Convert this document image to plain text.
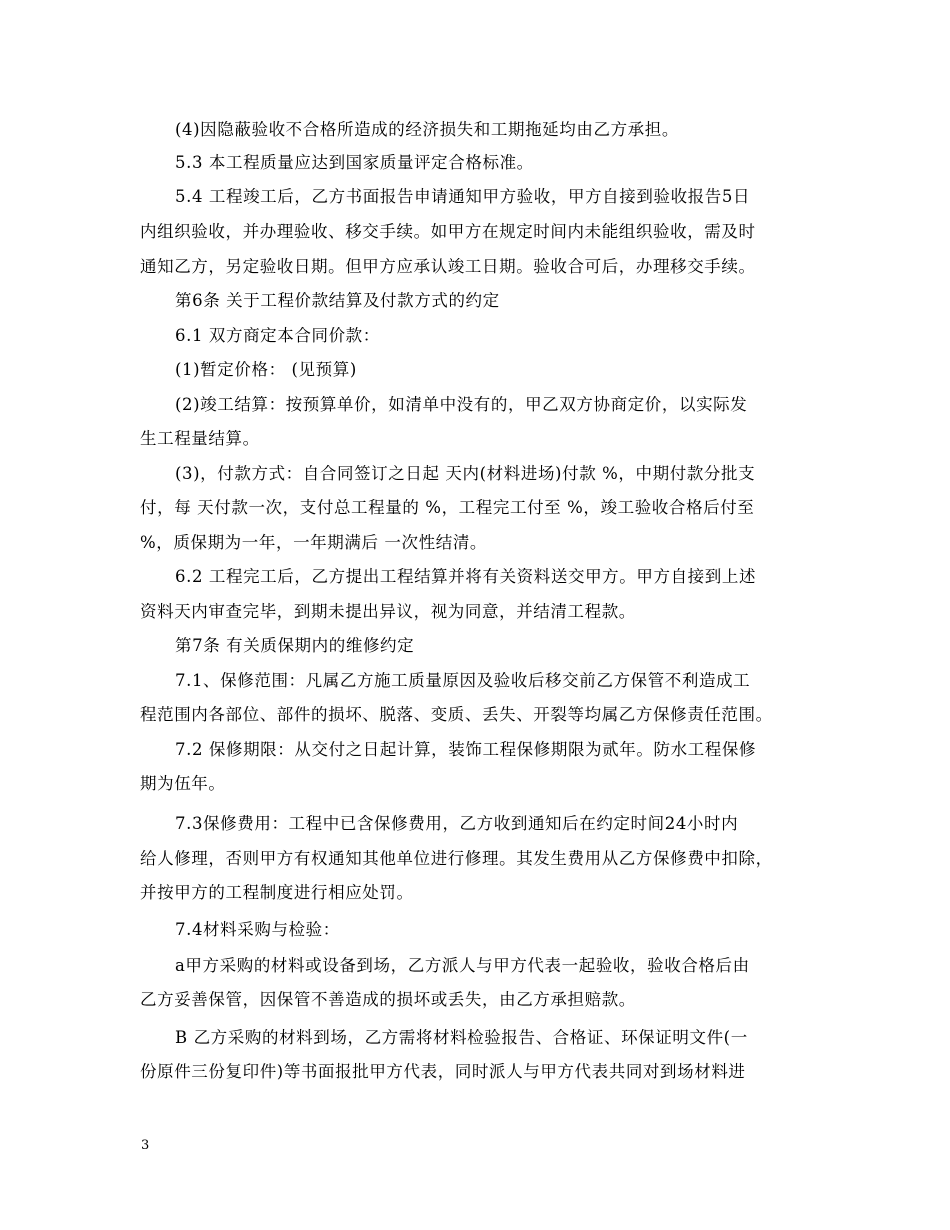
(4)因隐蔽验收不合格所造成的经济损失和工期拖延均由乙方承担。
5.3 本工程质量应达到国家质量评定合格标准。
5.4 工程竣工后，乙方书面报告申请通知甲方验收，甲方自接到验收报告5日
内组织验收，并办理验收、移交手续。如甲方在规定时间内未能组织验收，需及时
通知乙方，另定验收日期。但甲方应承认竣工日期。验收合可后，办理移交手续。
第6条 关于工程价款结算及付款方式的约定
6.1 双方商定本合同价款：
(1)暂定价格： (见预算)
(2)竣工结算：按预算单价，如清单中没有的，甲乙双方协商定价，以实际发
生工程量结算。
(3)，付款方式：自合同签订之日起 天内(材料进场)付款 %，中期付款分批支
付，每 天付款一次，支付总工程量的 %，工程完工付至 %，竣工验收合格后付至
%，质保期为一年，一年期满后 一次性结清。
6.2 工程完工后，乙方提出工程结算并将有关资料送交甲方。甲方自接到上述
资料天内审查完毕，到期未提出异议，视为同意，并结清工程款。
第7条 有关质保期内的维修约定
7.1、保修范围：凡属乙方施工质量原因及验收后移交前乙方保管不利造成工
程范围内各部位、部件的损坏、脱落、变质、丢失、开裂等均属乙方保修责任范围。
7.2 保修期限：从交付之日起计算，装饰工程保修期限为贰年。防水工程保修
期为伍年。
7.3保修费用：工程中已含保修费用，乙方收到通知后在约定时间24小时内
给人修理，否则甲方有权通知其他单位进行修理。其发生费用从乙方保修费中扣除，
并按甲方的工程制度进行相应处罚。
7.4材料采购与检验：
a甲方采购的材料或设备到场，乙方派人与甲方代表一起验收，验收合格后由
乙方妥善保管，因保管不善造成的损坏或丢失，由乙方承担赔款。
B 乙方采购的材料到场，乙方需将材料检验报告、合格证、环保证明文件(一
份原件三份复印件)等书面报批甲方代表，同时派人与甲方代表共同对到场材料进
3
